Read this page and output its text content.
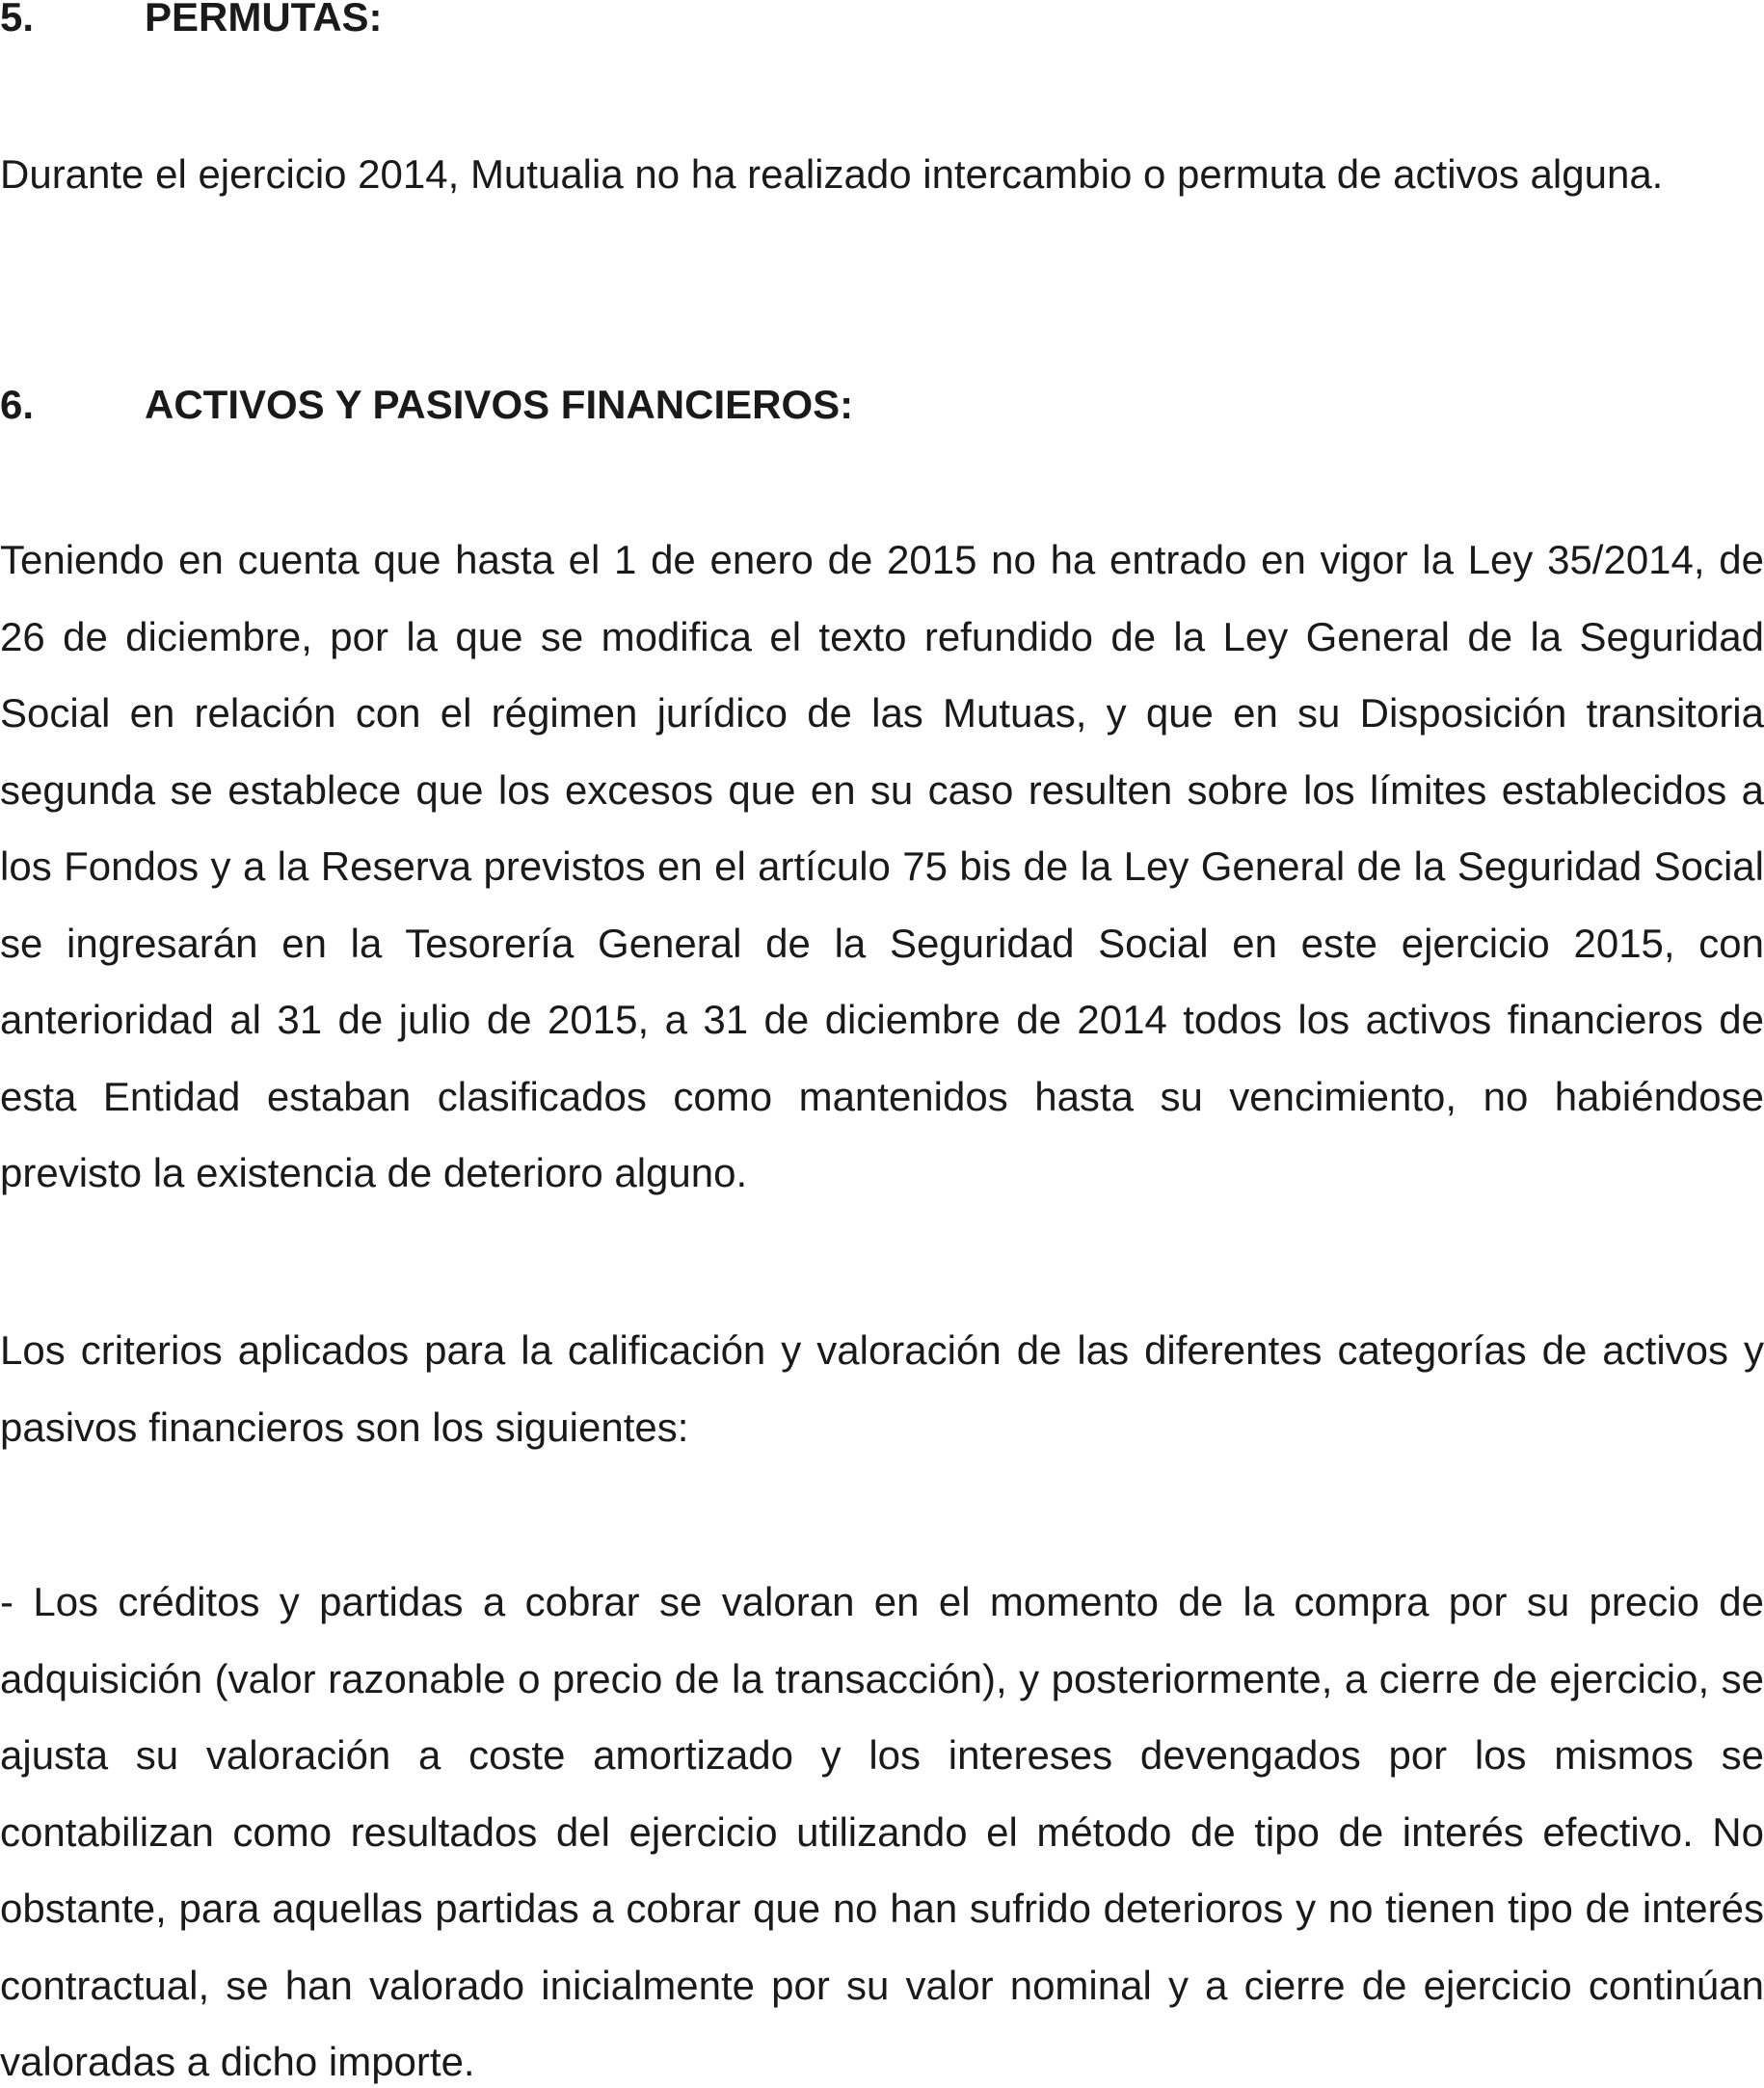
5.	PERMUTAS:

Durante el ejercicio 2014, Mutualia no ha realizado intercambio o permuta de activos alguna.

6.	ACTIVOS Y PASIVOS FINANCIEROS:

Teniendo en cuenta que hasta el 1 de enero de 2015 no ha entrado en vigor la Ley 35/2014, de 26 de diciembre, por la que se modifica el texto refundido de la Ley General de la Seguridad Social en relación con el régimen jurídico de las Mutuas, y que en su Disposición transitoria segunda se establece que los excesos que en su caso resulten sobre los límites establecidos a los Fondos y a la Reserva previstos en el artículo 75 bis de la Ley General de la Seguridad Social se ingresarán en la Tesorería General de la Seguridad Social en este ejercicio 2015, con anterioridad al 31 de julio de 2015, a 31 de diciembre de 2014 todos los activos financieros de esta Entidad estaban clasificados como mantenidos hasta su vencimiento, no habiéndose previsto la existencia de deterioro alguno.

Los criterios aplicados para la calificación y valoración de las diferentes categorías de activos y pasivos financieros son los siguientes:

- Los créditos y partidas a cobrar se valoran en el momento de la compra por su precio de adquisición (valor razonable o precio de la transacción), y posteriormente, a cierre de ejercicio, se ajusta su valoración a coste amortizado y los intereses devengados por los mismos se contabilizan como resultados del ejercicio utilizando el método de tipo de interés efectivo. No obstante, para aquellas partidas a cobrar que no han sufrido deterioros y no tienen tipo de interés contractual, se han valorado inicialmente por su valor nominal y a cierre de ejercicio continúan valoradas a dicho importe.
